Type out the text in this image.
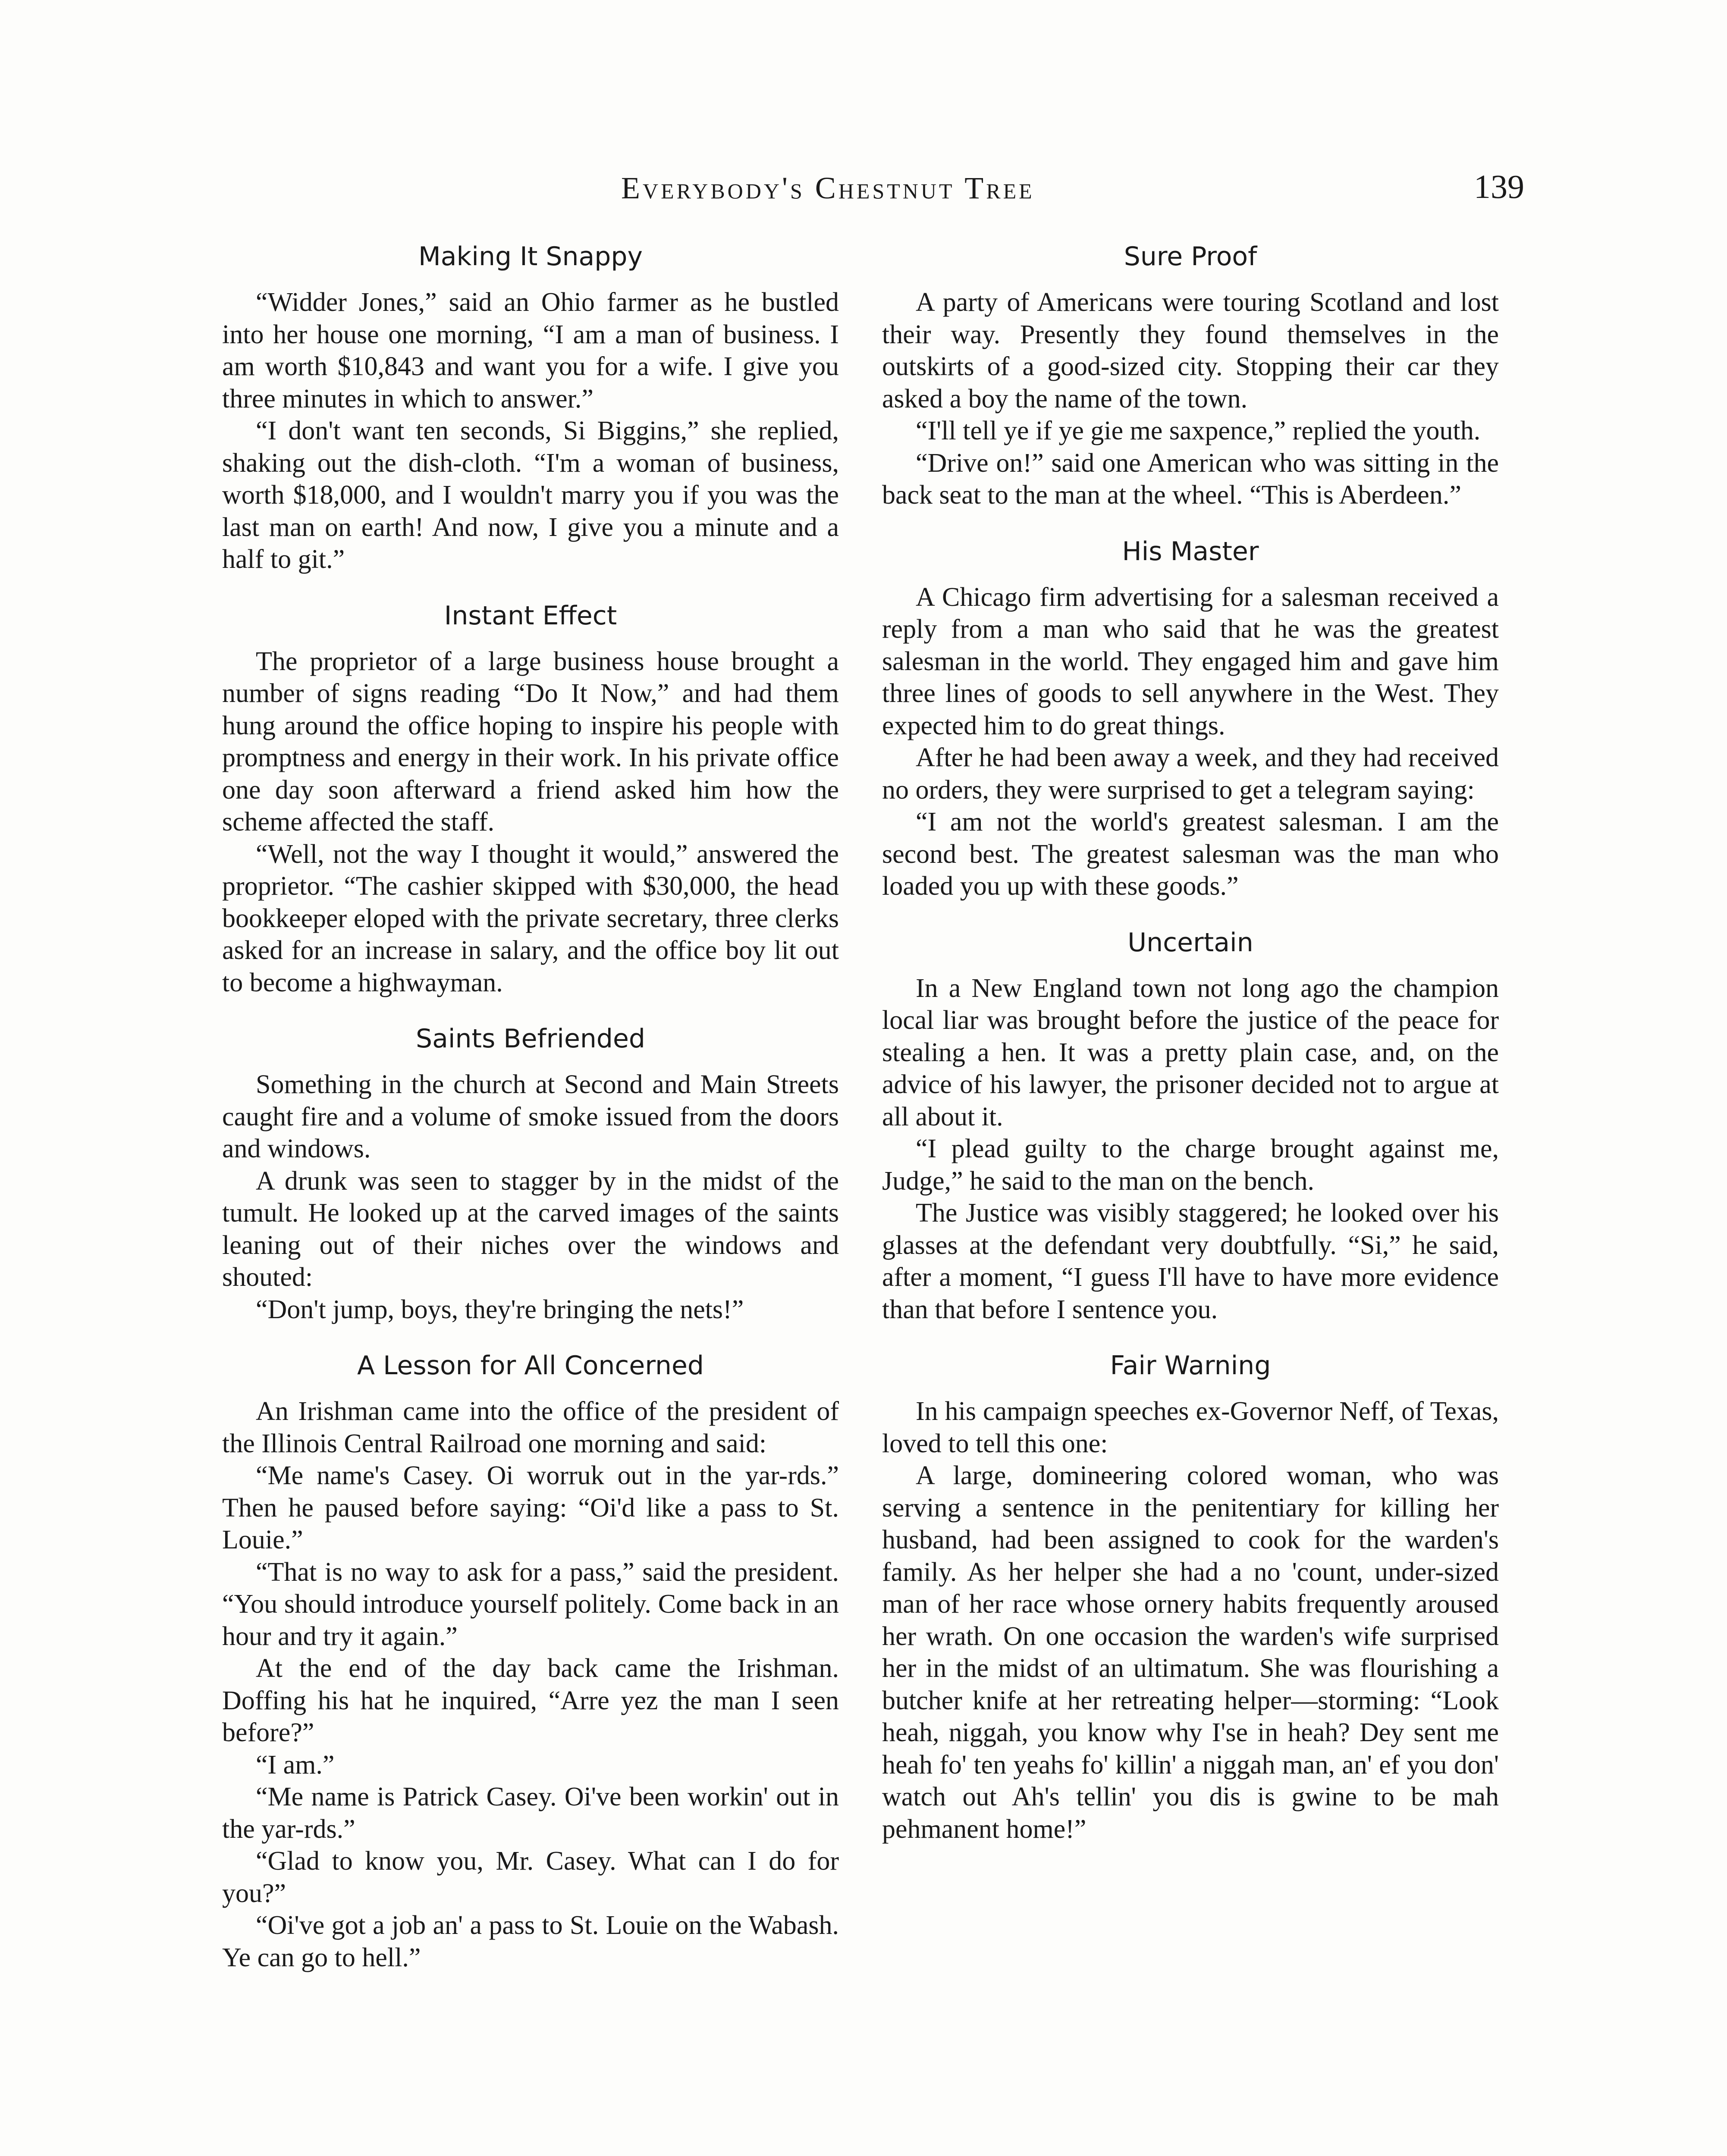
Everybody's Chestnut Tree	139
Making It Snappy

“Widder Jones,” said an Ohio farmer as he bustled into her house one morning, “I am a man of business. I am worth $10,843 and want you for a wife. I give you three minutes in which to answer.”

“I don't want ten seconds, Si Biggins,” she replied, shaking out the dish-cloth. “I'm a woman of business, worth $18,000, and I wouldn't marry you if you was the last man on earth! And now, I give you a minute and a half to git.”

Instant Effect

The proprietor of a large business house brought a number of signs reading “Do It Now,” and had them hung around the office hoping to inspire his people with promptness and energy in their work. In his private office one day soon afterward a friend asked him how the scheme affected the staff.

“Well, not the way I thought it would,” answered the proprietor. “The cashier skipped with $30,000, the head bookkeeper eloped with the private secretary, three clerks asked for an increase in salary, and the office boy lit out to become a highwayman.

Saints Befriended

Something in the church at Second and Main Streets caught fire and a volume of smoke issued from the doors and windows.

A drunk was seen to stagger by in the midst of the tumult. He looked up at the carved images of the saints leaning out of their niches over the windows and shouted:

“Don't jump, boys, they're bringing the nets!”

A Lesson for All Concerned

An Irishman came into the office of the president of the Illinois Central Railroad one morning and said:

“Me name's Casey. Oi worruk out in the yar-rds.” Then he paused before saying: “Oi'd like a pass to St. Louie.”

“That is no way to ask for a pass,” said the president. “You should introduce yourself politely. Come back in an hour and try it again.”

At the end of the day back came the Irishman. Doffing his hat he inquired, “Arre yez the man I seen before?”

“I am.”

“Me name is Patrick Casey. Oi've been workin' out in the yar-rds.”

“Glad to know you, Mr. Casey. What can I do for you?”

“Oi've got a job an' a pass to St. Louie on the Wabash. Ye can go to hell.”

Sure Proof

A party of Americans were touring Scotland and lost their way. Presently they found themselves in the outskirts of a good-sized city. Stopping their car they asked a boy the name of the town.

“I'll tell ye if ye gie me saxpence,” replied the youth.

“Drive on!” said one American who was sitting in the back seat to the man at the wheel. “This is Aberdeen.”

His Master

A Chicago firm advertising for a salesman received a reply from a man who said that he was the greatest salesman in the world. They engaged him and gave him three lines of goods to sell anywhere in the West. They expected him to do great things.

After he had been away a week, and they had received no orders, they were surprised to get a telegram saying:

“I am not the world's greatest salesman. I am the second best. The greatest salesman was the man who loaded you up with these goods.”

Uncertain

In a New England town not long ago the champion local liar was brought before the justice of the peace for stealing a hen. It was a pretty plain case, and, on the advice of his lawyer, the prisoner decided not to argue at all about it.

“I plead guilty to the charge brought against me, Judge,” he said to the man on the bench.

The Justice was visibly staggered; he looked over his glasses at the defendant very doubtfully. “Si,” he said, after a moment, “I guess I'll have to have more evidence than that before I sentence you.

Fair Warning

In his campaign speeches ex-Governor Neff, of Texas, loved to tell this one:

A large, domineering colored woman, who was serving a sentence in the penitentiary for killing her husband, had been assigned to cook for the warden's family. As her helper she had a no 'count, under-sized man of her race whose ornery habits frequently aroused her wrath. On one occasion the warden's wife surprised her in the midst of an ultimatum. She was flourishing a butcher knife at her retreating helper—storming: “Look heah, niggah, you know why I'se in heah? Dey sent me heah fo' ten yeahs fo' killin' a niggah man, an' ef you don' watch out Ah's tellin' you dis is gwine to be mah pehmanent home!”
